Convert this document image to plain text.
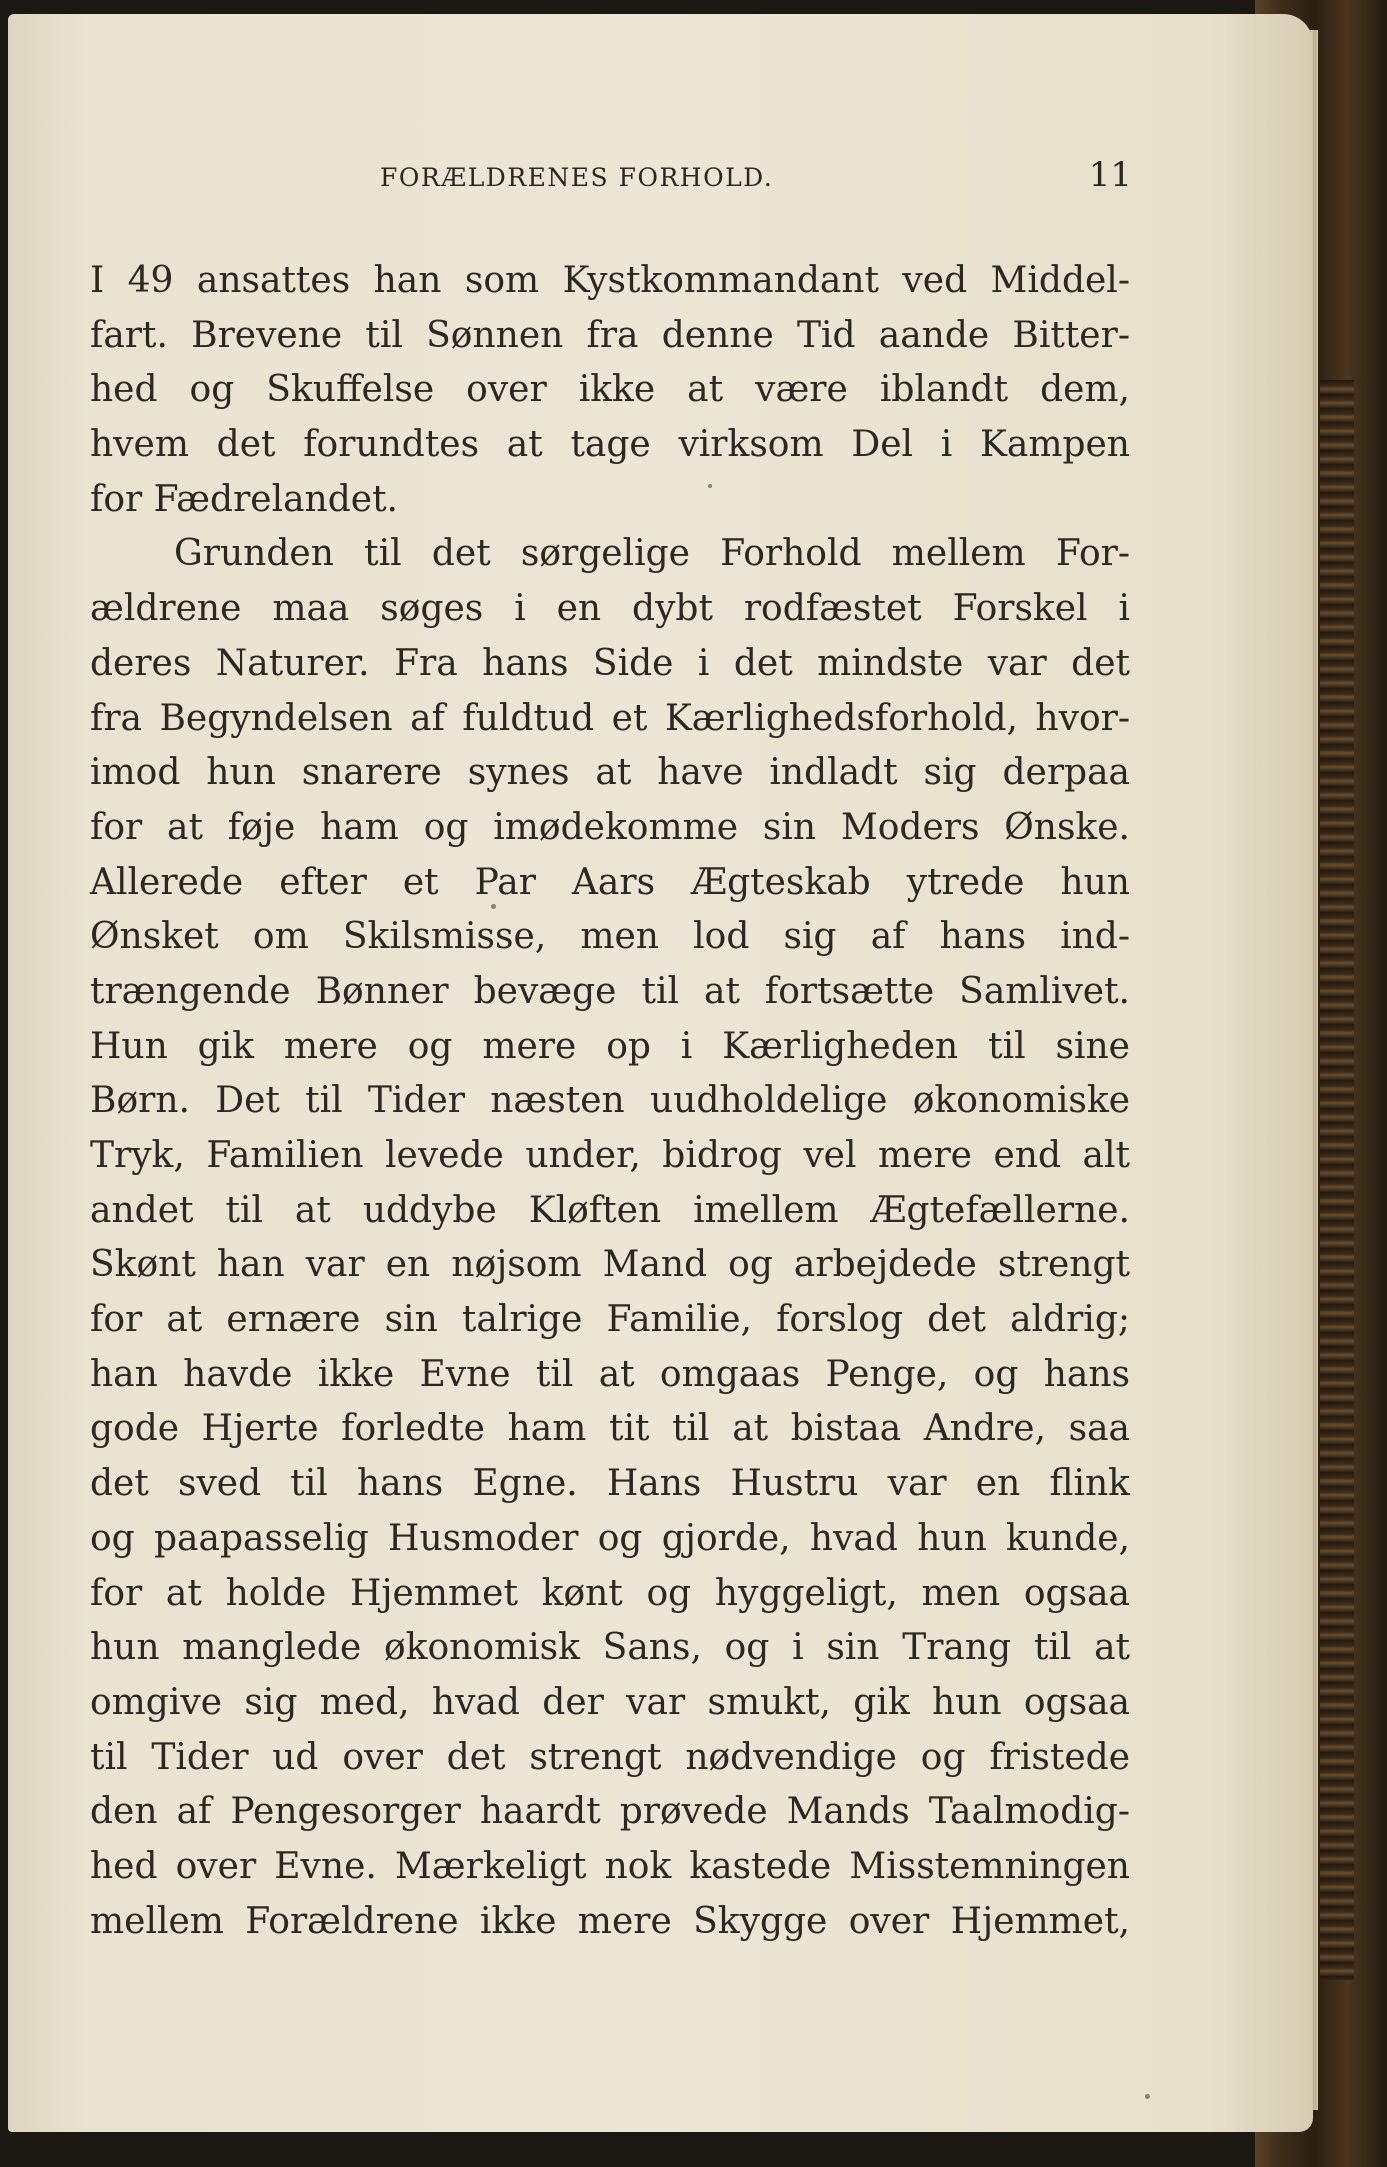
FORÆLDRENES FORHOLD.	11
I 49 ansattes han som Kystkommandant ved Middel-
fart. Brevene til Sønnen fra denne Tid aande Bitter-
hed og Skuffelse over ikke at være iblandt dem,
hvem det forundtes at tage virksom Del i Kampen
for Fædrelandet.
Grunden til det sørgelige Forhold mellem For-
ældrene maa søges i en dybt rodfæstet Forskel i
deres Naturer. Fra hans Side i det mindste var det
fra Begyndelsen af fuldtud et Kærlighedsforhold, hvor-
imod hun snarere synes at have indladt sig derpaa
for at føje ham og imødekomme sin Moders Ønske.
Allerede efter et Par Aars Ægteskab ytrede hun
Ønsket om Skilsmisse, men lod sig af hans ind-
trængende Bønner bevæge til at fortsætte Samlivet.
Hun gik mere og mere op i Kærligheden til sine
Børn. Det til Tider næsten uudholdelige økonomiske
Tryk, Familien levede under, bidrog vel mere end alt
andet til at uddybe Kløften imellem Ægtefællerne.
Skønt han var en nøjsom Mand og arbejdede strengt
for at ernære sin talrige Familie, forslog det aldrig;
han havde ikke Evne til at omgaas Penge, og hans
gode Hjerte forledte ham tit til at bistaa Andre, saa
det sved til hans Egne. Hans Hustru var en flink
og paapasselig Husmoder og gjorde, hvad hun kunde,
for at holde Hjemmet kønt og hyggeligt, men ogsaa
hun manglede økonomisk Sans, og i sin Trang til at
omgive sig med, hvad der var smukt, gik hun ogsaa
til Tider ud over det strengt nødvendige og fristede
den af Pengesorger haardt prøvede Mands Taalmodig-
hed over Evne. Mærkeligt nok kastede Misstemningen
mellem Forældrene ikke mere Skygge over Hjemmet,
